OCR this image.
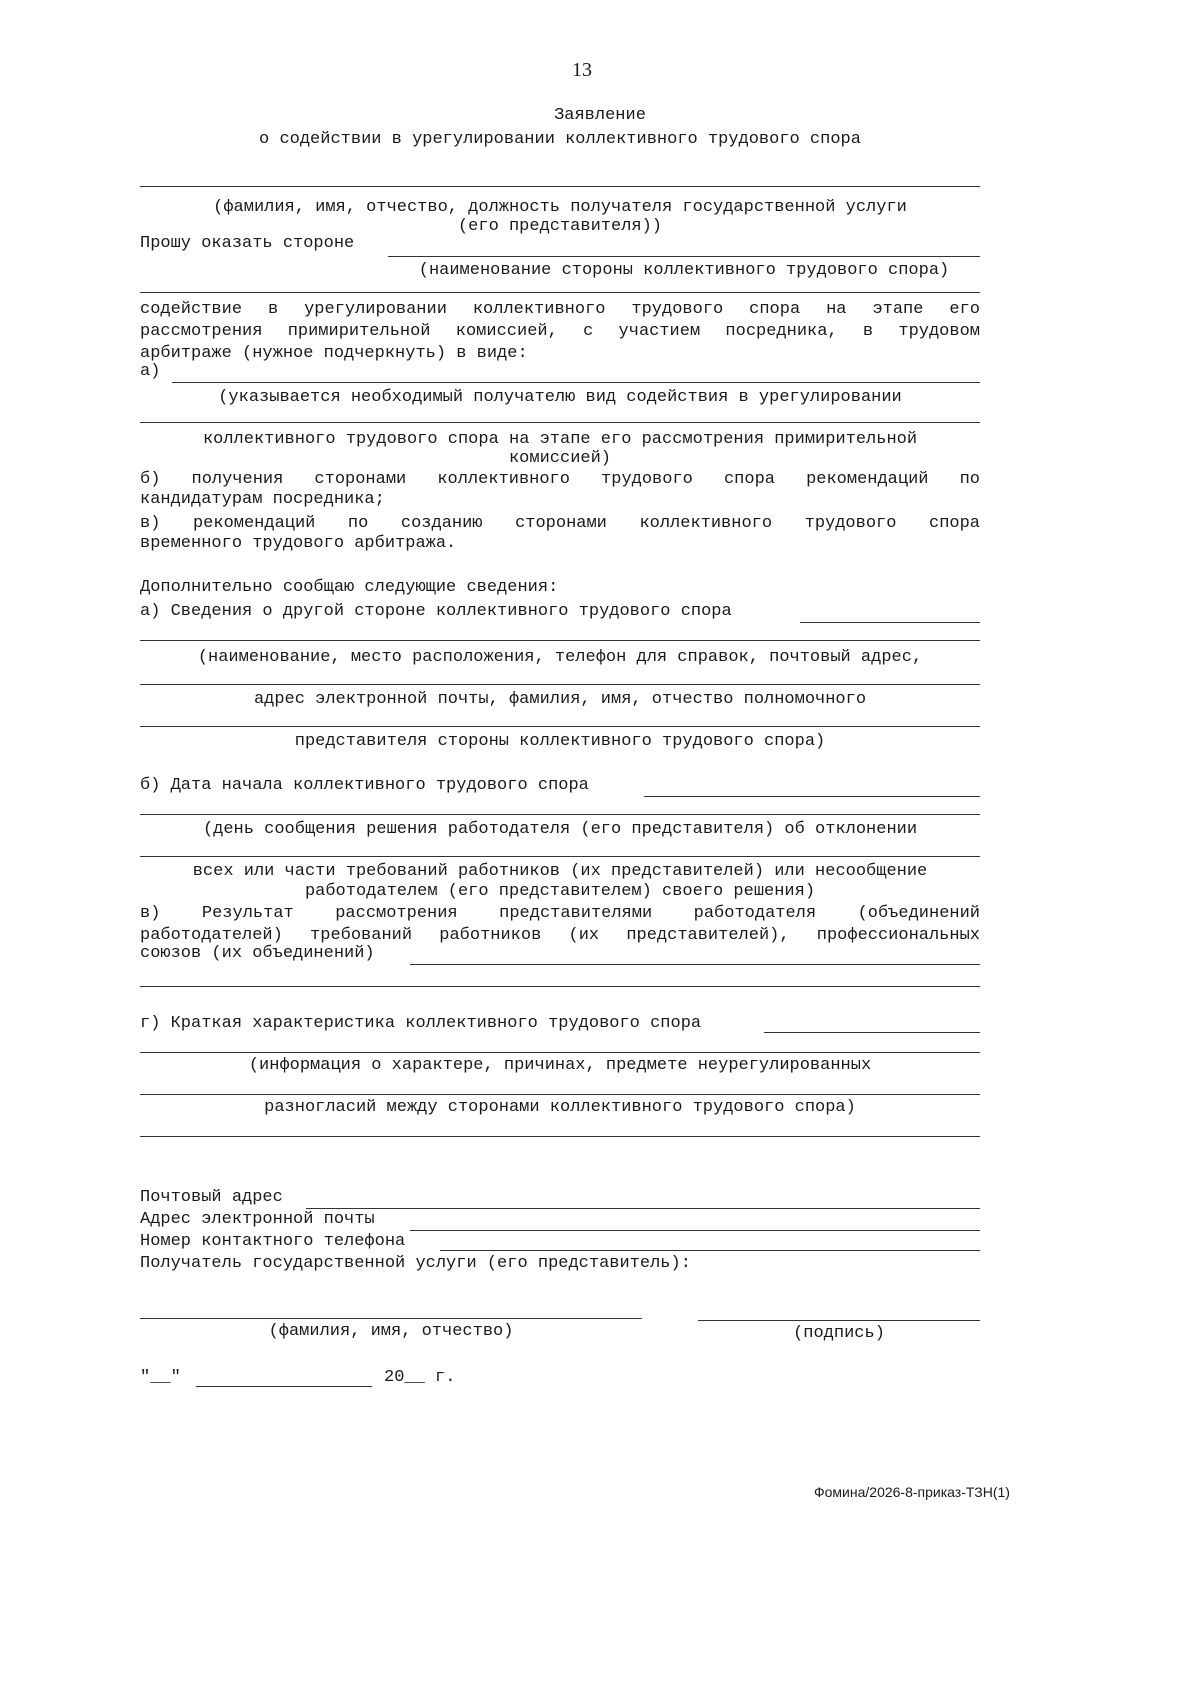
13
Заявление
о содействии в урегулировании коллективного трудового спора
(фамилия, имя, отчество, должность получателя государственной услуги
(его представителя))
Прошу оказать стороне
(наименование стороны коллективного трудового спора)
содействие в урегулировании коллективного трудового спора на этапе его
рассмотрения примирительной комиссией, с участием посредника, в трудовом
арбитраже (нужное подчеркнуть) в виде:
а)
(указывается необходимый получателю вид содействия в урегулировании
коллективного трудового спора на этапе его рассмотрения примирительной
комиссией)
б) получения сторонами коллективного трудового спора рекомендаций по
кандидатурам посредника;
в) рекомендаций по созданию сторонами коллективного трудового спора
временного трудового арбитража.
Дополнительно сообщаю следующие сведения:
а) Сведения о другой стороне коллективного трудового спора
(наименование, место расположения, телефон для справок, почтовый адрес,
адрес электронной почты, фамилия, имя, отчество полномочного
представителя стороны коллективного трудового спора)
б) Дата начала коллективного трудового спора
(день сообщения решения работодателя (его представителя) об отклонении
всех или части требований работников (их представителей) или несообщение
работодателем (его представителем) своего решения)
в) Результат рассмотрения представителями работодателя (объединений
работодателей) требований работников (их представителей), профессиональных
союзов (их объединений)
г) Краткая характеристика коллективного трудового спора
(информация о характере, причинах, предмете неурегулированных
разногласий между сторонами коллективного трудового спора)
Почтовый адрес
Адрес электронной почты
Номер контактного телефона
Получатель государственной услуги (его представитель):
(фамилия, имя, отчество)	(подпись)
"__"	20__ г.
Фомина/2026-8-приказ-ТЗН(1)
